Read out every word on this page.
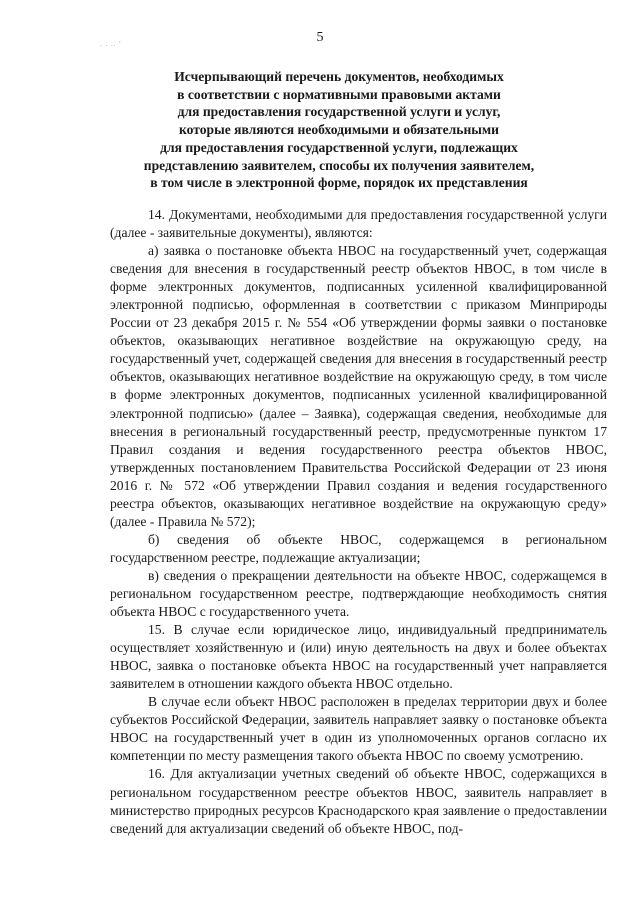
. . .. '	5
Исчерпывающий перечень документов, необходимых
в соответствии с нормативными правовыми актами
для предоставления государственной услуги и услуг,
которые являются необходимыми и обязательными
для предоставления государственной услуги, подлежащих
представлению заявителем, способы их получения заявителем,
в том числе в электронной форме, порядок их представления

14. Документами, необходимыми для предоставления государственной услуги (далее - заявительные документы), являются:

а) заявка о постановке объекта НВОС на государственный учет, содержащая сведения для внесения в государственный реестр объектов НВОС, в том числе в форме электронных документов, подписанных усиленной квалифицированной электронной подписью, оформленная в соответствии с приказом Минприроды России от 23 декабря 2015 г. № 554 «Об утверждении формы заявки о постановке объектов, оказывающих негативное воздействие на окружающую среду, на государственный учет, содержащей сведения для внесения в государственный реестр объектов, оказывающих негативное воздействие на окружающую среду, в том числе в форме электронных документов, подписанных усиленной квалифицированной электронной подписью» (далее – Заявка), содержащая сведения, необходимые для внесения в региональный государственный реестр, предусмотренные пунктом 17 Правил создания и ведения государственного реестра объектов НВОС, утвержденных постановлением Правительства Российской Федерации от 23 июня 2016 г. № 572 «Об утверждении Правил создания и ведения государственного реестра объектов, оказывающих негативное воздействие на окружающую среду» (далее - Правила № 572);

б) сведения об объекте НВОС, содержащемся в региональном государственном реестре, подлежащие актуализации;

в) сведения о прекращении деятельности на объекте НВОС, содержащемся в региональном государственном реестре, подтверждающие необходимость снятия объекта НВОС с государственного учета.

15. В случае если юридическое лицо, индивидуальный предприниматель осуществляет хозяйственную и (или) иную деятельность на двух и более объектах НВОС, заявка о постановке объекта НВОС на государственный учет направляется заявителем в отношении каждого объекта НВОС отдельно.

В случае если объект НВОС расположен в пределах территории двух и более субъектов Российской Федерации, заявитель направляет заявку о постановке объекта НВОС на государственный учет в один из уполномоченных органов согласно их компетенции по месту размещения такого объекта НВОС по своему усмотрению.

16. Для актуализации учетных сведений об объекте НВОС, содержащихся в региональном государственном реестре объектов НВОС, заявитель направляет в министерство природных ресурсов Краснодарского края заявление о предоставлении сведений для актуализации сведений об объекте НВОС, под-
